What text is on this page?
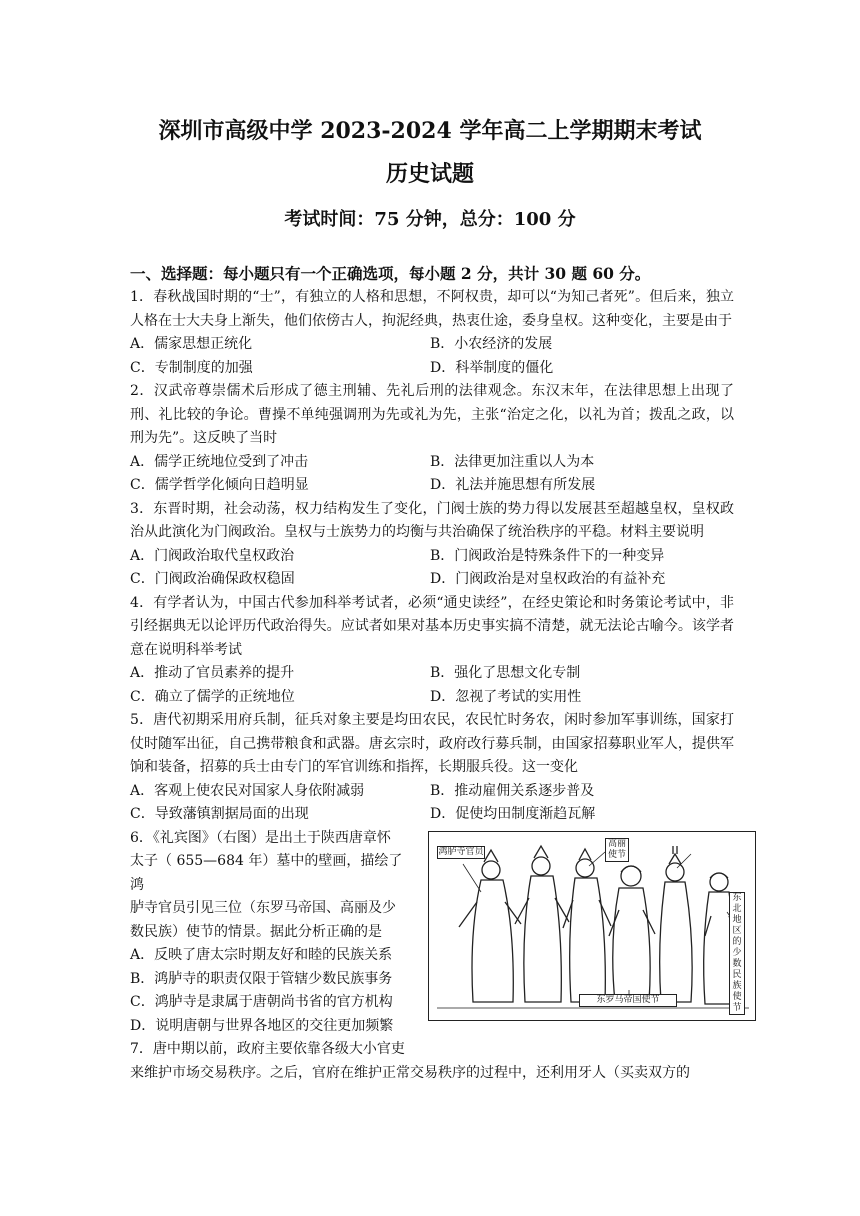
深圳市高级中学 2023-2024 学年高二上学期期末考试
历史试题
考试时间：75 分钟，总分：100 分
一、选择题：每小题只有一个正确选项，每小题 2 分，共计 30 题 60 分。

1．春秋战国时期的“士”，有独立的人格和思想，不阿权贵，却可以“为知己者死”。但后来，独立人格在士大夫身上渐失，他们依傍古人，拘泥经典，热衷仕途，委身皇权。这种变化，主要是由于

A．儒家思想正统化	B．小农经济的发展
C．专制制度的加强	D．科举制度的僵化

2．汉武帝尊崇儒术后形成了德主刑辅、先礼后刑的法律观念。东汉末年，在法律思想上出现了刑、礼比较的争论。曹操不单纯强调刑为先或礼为先，主张“治定之化，以礼为首；拨乱之政，以刑为先”。这反映了当时

A．儒学正统地位受到了冲击	B．法律更加注重以人为本
C．儒学哲学化倾向日趋明显	D．礼法并施思想有所发展

3．东晋时期，社会动荡，权力结构发生了变化，门阀士族的势力得以发展甚至超越皇权，皇权政治从此演化为门阀政治。皇权与士族势力的均衡与共治确保了统治秩序的平稳。材料主要说明

A．门阀政治取代皇权政治	B．门阀政治是特殊条件下的一种变异
C．门阀政治确保政权稳固	D．门阀政治是对皇权政治的有益补充

4．有学者认为，中国古代参加科举考试者，必须“通史读经”，在经史策论和时务策论考试中，非引经据典无以论评历代政治得失。应试者如果对基本历史事实搞不清楚，就无法论古喻今。该学者意在说明科举考试

A．推动了官员素养的提升	B．强化了思想文化专制
C．确立了儒学的正统地位	D．忽视了考试的实用性

5．唐代初期采用府兵制，征兵对象主要是均田农民，农民忙时务农，闲时参加军事训练，国家打仗时随军出征，自己携带粮食和武器。唐玄宗时，政府改行募兵制，由国家招募职业军人，提供军饷和装备，招募的兵士由专门的军官训练和指挥，长期服兵役。这一变化

A．客观上使农民对国家人身依附减弱	B．推动雇佣关系逐步普及
C．导致藩镇割据局面的出现	D．促使均田制度渐趋瓦解
6．《礼宾图》（右图）是出土于陕西唐章怀
太子（ 655—684 年）墓中的壁画，描绘了鸿
胪寺官员引见三位（东罗马帝国、高丽及少
数民族）使节的情景。据此分析正确的是
A．反映了唐太宗时期友好和睦的民族关系
B．鸿胪寺的职责仅限于管辖少数民族事务
C．鸿胪寺是隶属于唐朝尚书省的官方机构
D．说明唐朝与世界各地区的交往更加频繁
鸿胪寺官员
高丽使节
东北地区的少数民族使节
东罗马帝国使节

7．唐中期以前，政府主要依靠各级大小官吏

来维护市场交易秩序。之后，官府在维护正常交易秩序的过程中，还利用牙人（买卖双方的
